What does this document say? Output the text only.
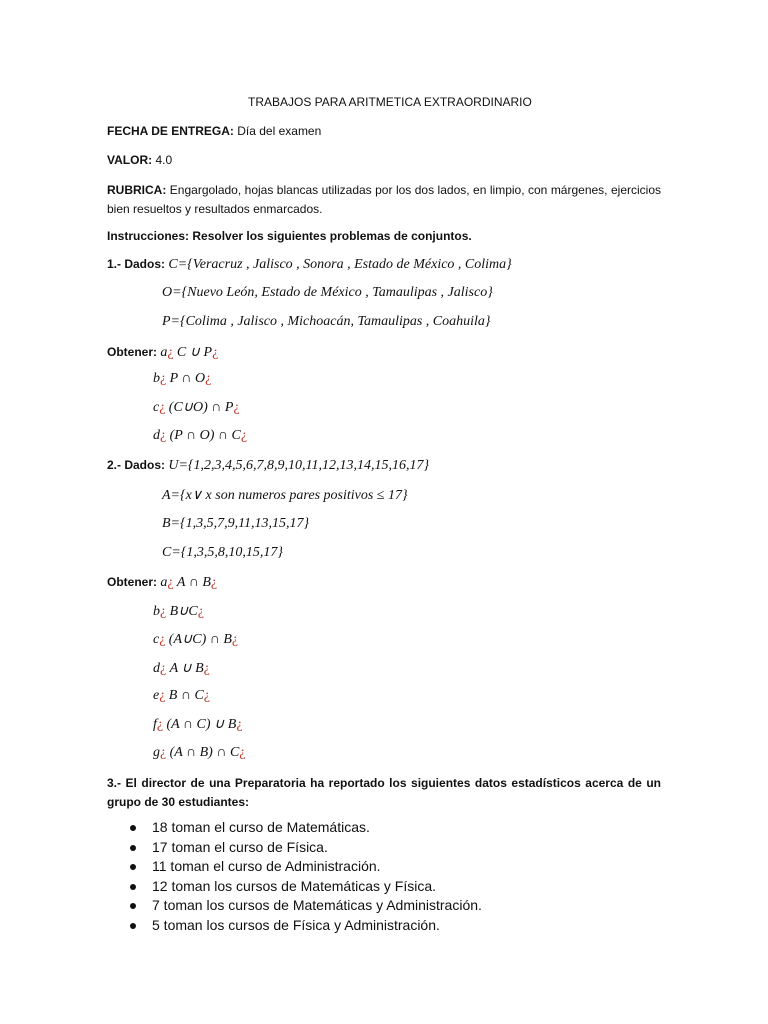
TRABAJOS PARA ARITMETICA EXTRAORDINARIO
FECHA DE ENTREGA: Día del examen
VALOR: 4.0
RUBRICA: Engargolado, hojas blancas utilizadas por los dos lados, en limpio, con márgenes, ejercicios bien resueltos y resultados enmarcados.
Instrucciones: Resolver los siguientes problemas de conjuntos.
1.- Dados: C={Veracruz , Jalisco , Sonora , Estado de México , Colima}
O={Nuevo León, Estado de México , Tamaulipas , Jalisco}
P={Colima , Jalisco , Michoacán, Tamaulipas , Coahuila}
Obtener: a¿ C ∪ P¿
b¿ P ∩ O¿
c¿ (C∪O) ∩ P¿
d¿ (P ∩ O) ∩ C¿
2.- Dados: U={1,2,3,4,5,6,7,8,9,10,11,12,13,14,15,16,17}
A={x∨ x son numeros pares positivos ≤ 17}
B={1,3,5,7,9,11,13,15,17}
C={1,3,5,8,10,15,17}
Obtener: a¿ A ∩ B¿
b¿ B∪C¿
c¿ (A∪C) ∩ B¿
d¿ A ∪ B¿
e¿ B ∩ C¿
f¿ (A ∩ C) ∪ B¿
g¿ (A ∩ B) ∩ C¿
3.- El director de una Preparatoria ha reportado los siguientes datos estadísticos acerca de un grupo de 30 estudiantes:
18 toman el curso de Matemáticas.
17 toman el curso de Física.
11 toman el curso de Administración.
12 toman los cursos de Matemáticas y Física.
7 toman los cursos de Matemáticas y Administración.
5 toman los cursos de Física y Administración.
